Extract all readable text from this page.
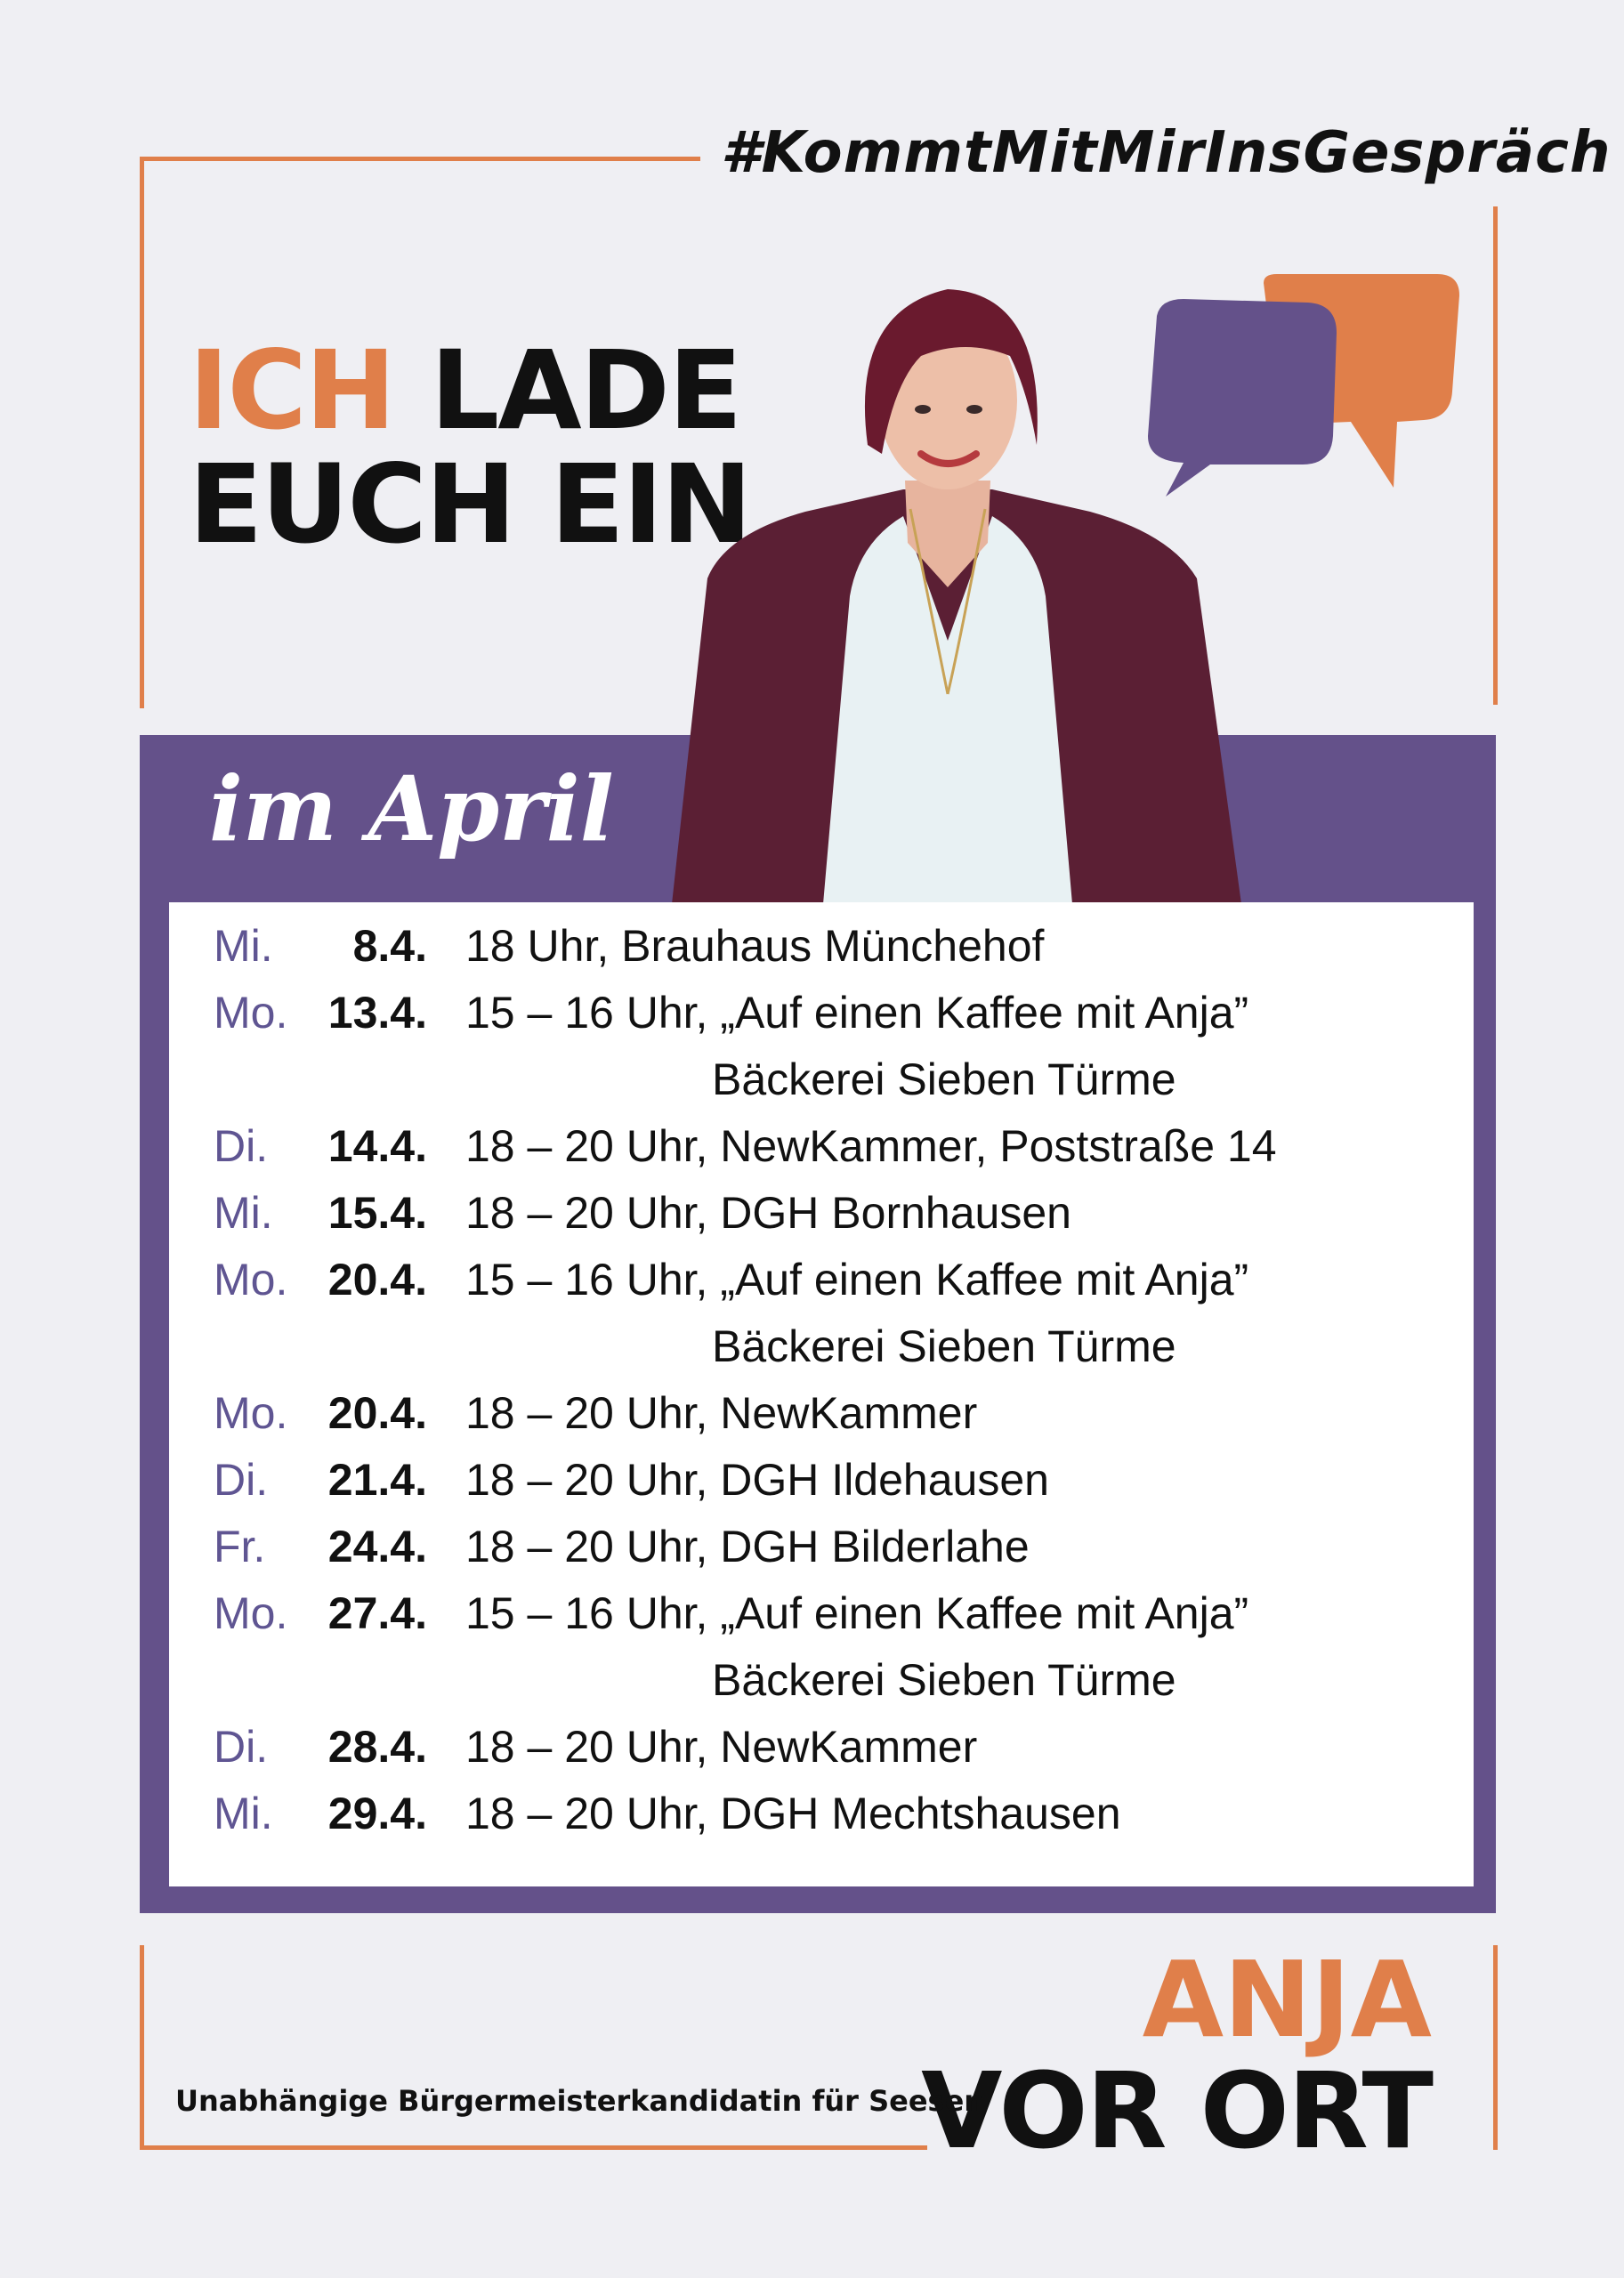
#KommtMitMirInsGespräch
ICH LADE
EUCH EIN
im April
Mi.	8.4. 18 Uhr, Brauhaus Münchehof
Mo. 13.4. 15 – 16 Uhr, „Auf einen Kaffee mit Anja”
Bäckerei Sieben Türme
Di.	14.4. 18 – 20 Uhr, NewKammer, Poststraße 14
Mi.	15.4. 18 – 20 Uhr, DGH Bornhausen
Mo. 20.4. 15 – 16 Uhr, „Auf einen Kaffee mit Anja”
Bäckerei Sieben Türme
Mo. 20.4. 18 – 20 Uhr, NewKammer
Di.	21.4. 18 – 20 Uhr, DGH Ildehausen
Fr.	24.4. 18 – 20 Uhr, DGH Bilderlahe
Mo. 27.4. 15 – 16 Uhr, „Auf einen Kaffee mit Anja”
Bäckerei Sieben Türme
Di.	28.4. 18 – 20 Uhr, NewKammer
Mi.	29.4. 18 – 20 Uhr, DGH Mechtshausen
ANJA
VOR ORT
Unabhängige Bürgermeisterkandidatin für Seesen
